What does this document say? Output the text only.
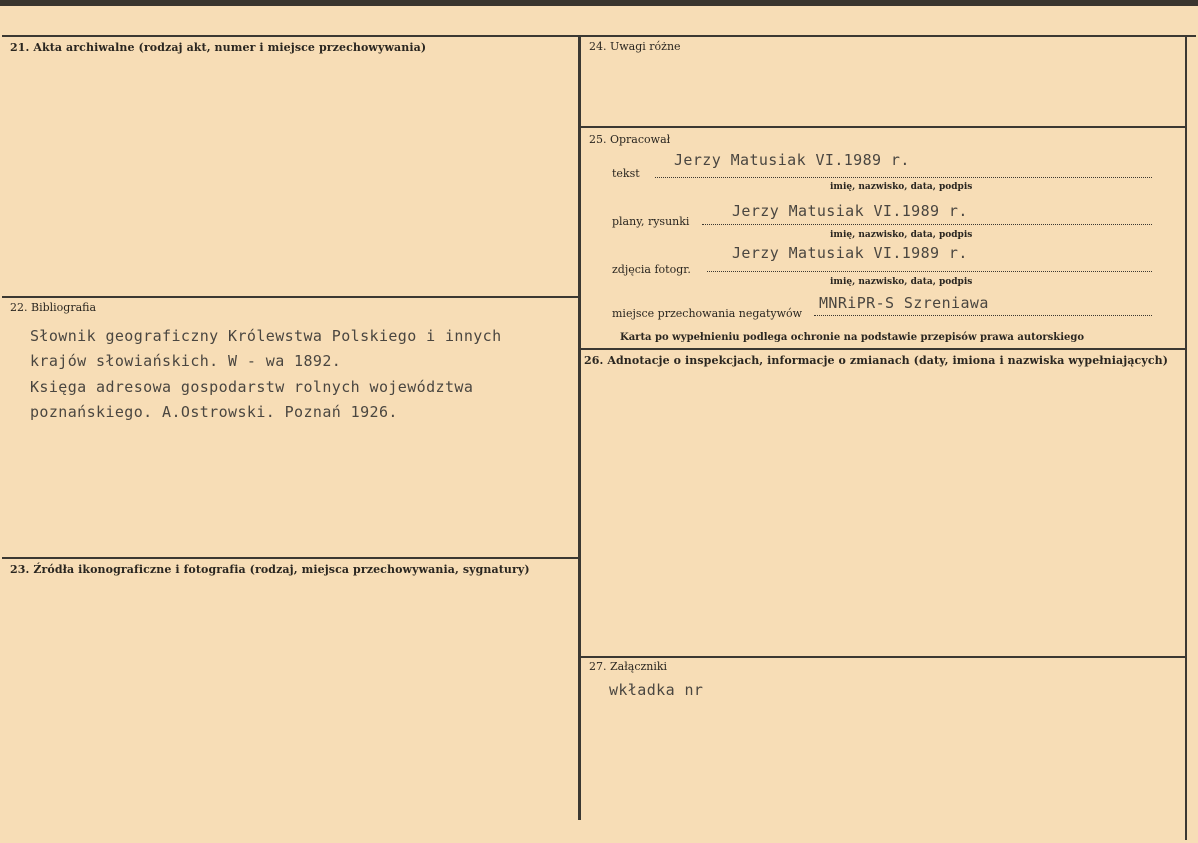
21. Akta archiwalne (rodzaj akt, numer i miejsce przechowywania)
22. Bibliografia
Słownik geograficzny Królewstwa Polskiego i innych
krajów słowiańskich. W - wa 1892.
Księga adresowa gospodarstw rolnych województwa
poznańskiego. A.Ostrowski. Poznań 1926.
23. Źródła ikonograficzne i fotografia (rodzaj, miejsca przechowywania, sygnatury)
24. Uwagi różne
25. Opracował
Jerzy Matusiak VI.1989 r.
tekst
imię, nazwisko, data, podpis
Jerzy Matusiak VI.1989 r.
plany, rysunki
imię, nazwisko, data, podpis
Jerzy Matusiak VI.1989 r.
zdjęcia fotogr.
imię, nazwisko, data, podpis
MNRiPR-S Szreniawa
miejsce przechowania negatywów
Karta po wypełnieniu podlega ochronie na podstawie przepisów prawa autorskiego
26. Adnotacje o inspekcjach, informacje o zmianach (daty, imiona i nazwiska wypełniających)
27. Załączniki
wkładka nr
